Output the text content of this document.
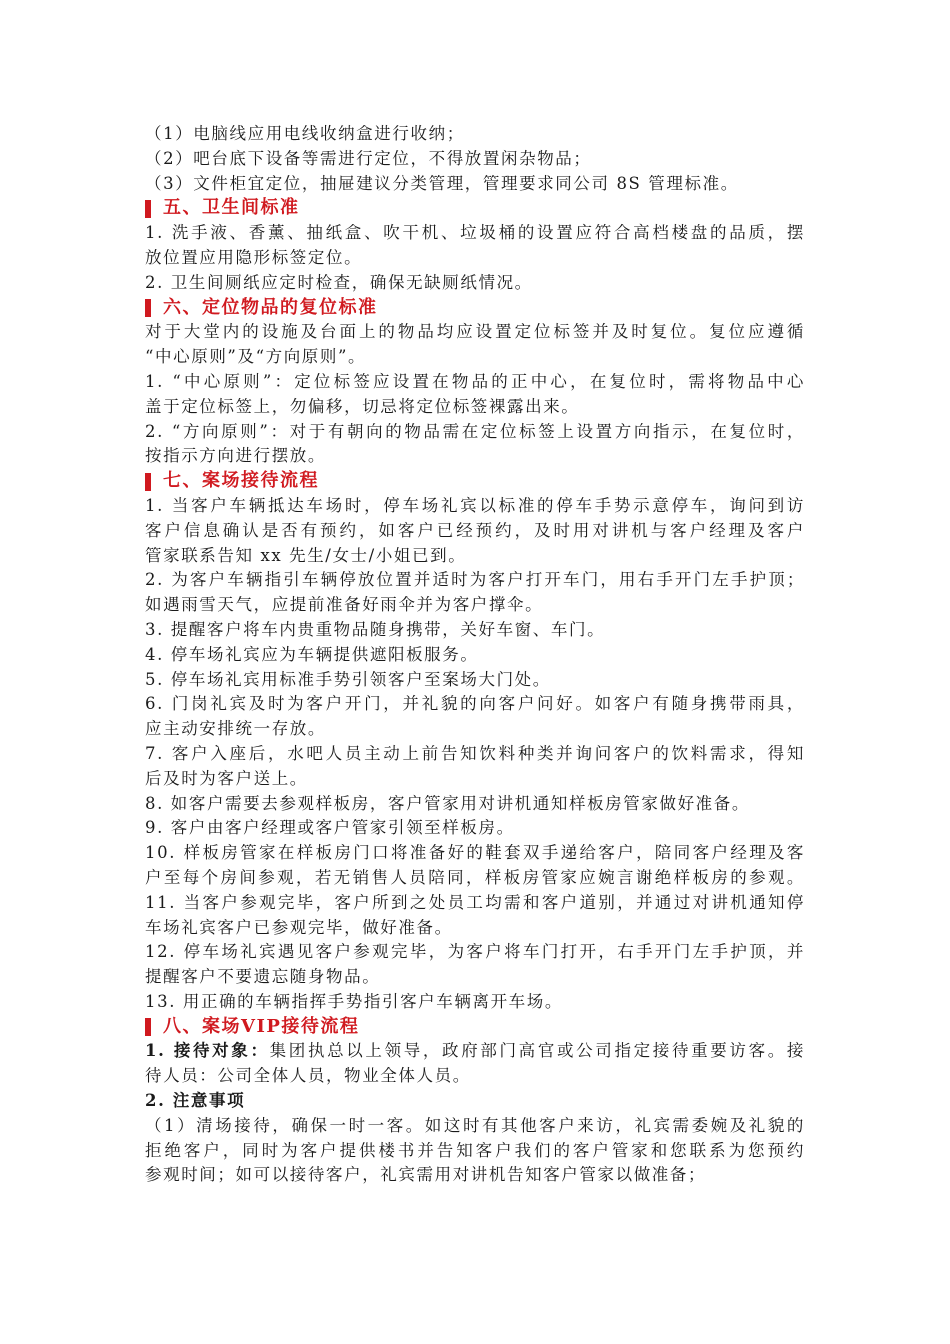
（1）电脑线应用电线收纳盒进行收纳；
（2）吧台底下设备等需进行定位，不得放置闲杂物品；
（3）文件柜宜定位，抽屉建议分类管理，管理要求同公司 8S 管理标准。
五、卫生间标准
1. 洗手液、香薰、抽纸盒、吹干机、垃圾桶的设置应符合高档楼盘的品质，摆
放位置应用隐形标签定位。
2. 卫生间厕纸应定时检查，确保无缺厕纸情况。
六、定位物品的复位标准
对于大堂内的设施及台面上的物品均应设置定位标签并及时复位。复位应遵循
“中心原则”及“方向原则”。
1. “中心原则”：定位标签应设置在物品的正中心，在复位时，需将物品中心
盖于定位标签上，勿偏移，切忌将定位标签裸露出来。
2. “方向原则”：对于有朝向的物品需在定位标签上设置方向指示，在复位时，
按指示方向进行摆放。
七、案场接待流程
1. 当客户车辆抵达车场时，停车场礼宾以标准的停车手势示意停车，询问到访
客户信息确认是否有预约，如客户已经预约，及时用对讲机与客户经理及客户
管家联系告知 xx 先生/女士/小姐已到。
2. 为客户车辆指引车辆停放位置并适时为客户打开车门，用右手开门左手护顶；
如遇雨雪天气，应提前准备好雨伞并为客户撑伞。
3. 提醒客户将车内贵重物品随身携带，关好车窗、车门。
4. 停车场礼宾应为车辆提供遮阳板服务。
5. 停车场礼宾用标准手势引领客户至案场大门处。
6. 门岗礼宾及时为客户开门，并礼貌的向客户问好。如客户有随身携带雨具，
应主动安排统一存放。
7. 客户入座后，水吧人员主动上前告知饮料种类并询问客户的饮料需求，得知
后及时为客户送上。
8. 如客户需要去参观样板房，客户管家用对讲机通知样板房管家做好准备。
9. 客户由客户经理或客户管家引领至样板房。
10. 样板房管家在样板房门口将准备好的鞋套双手递给客户，陪同客户经理及客
户至每个房间参观，若无销售人员陪同，样板房管家应婉言谢绝样板房的参观。
11. 当客户参观完毕，客户所到之处员工均需和客户道别，并通过对讲机通知停
车场礼宾客户已参观完毕，做好准备。
12. 停车场礼宾遇见客户参观完毕，为客户将车门打开，右手开门左手护顶，并
提醒客户不要遗忘随身物品。
13. 用正确的车辆指挥手势指引客户车辆离开车场。
八、案场VIP接待流程
1. 接待对象：集团执总以上领导，政府部门高官或公司指定接待重要访客。接
待人员：公司全体人员，物业全体人员。
2. 注意事项
（1）清场接待，确保一时一客。如这时有其他客户来访，礼宾需委婉及礼貌的
拒绝客户，同时为客户提供楼书并告知客户我们的客户管家和您联系为您预约
参观时间；如可以接待客户，礼宾需用对讲机告知客户管家以做准备；
